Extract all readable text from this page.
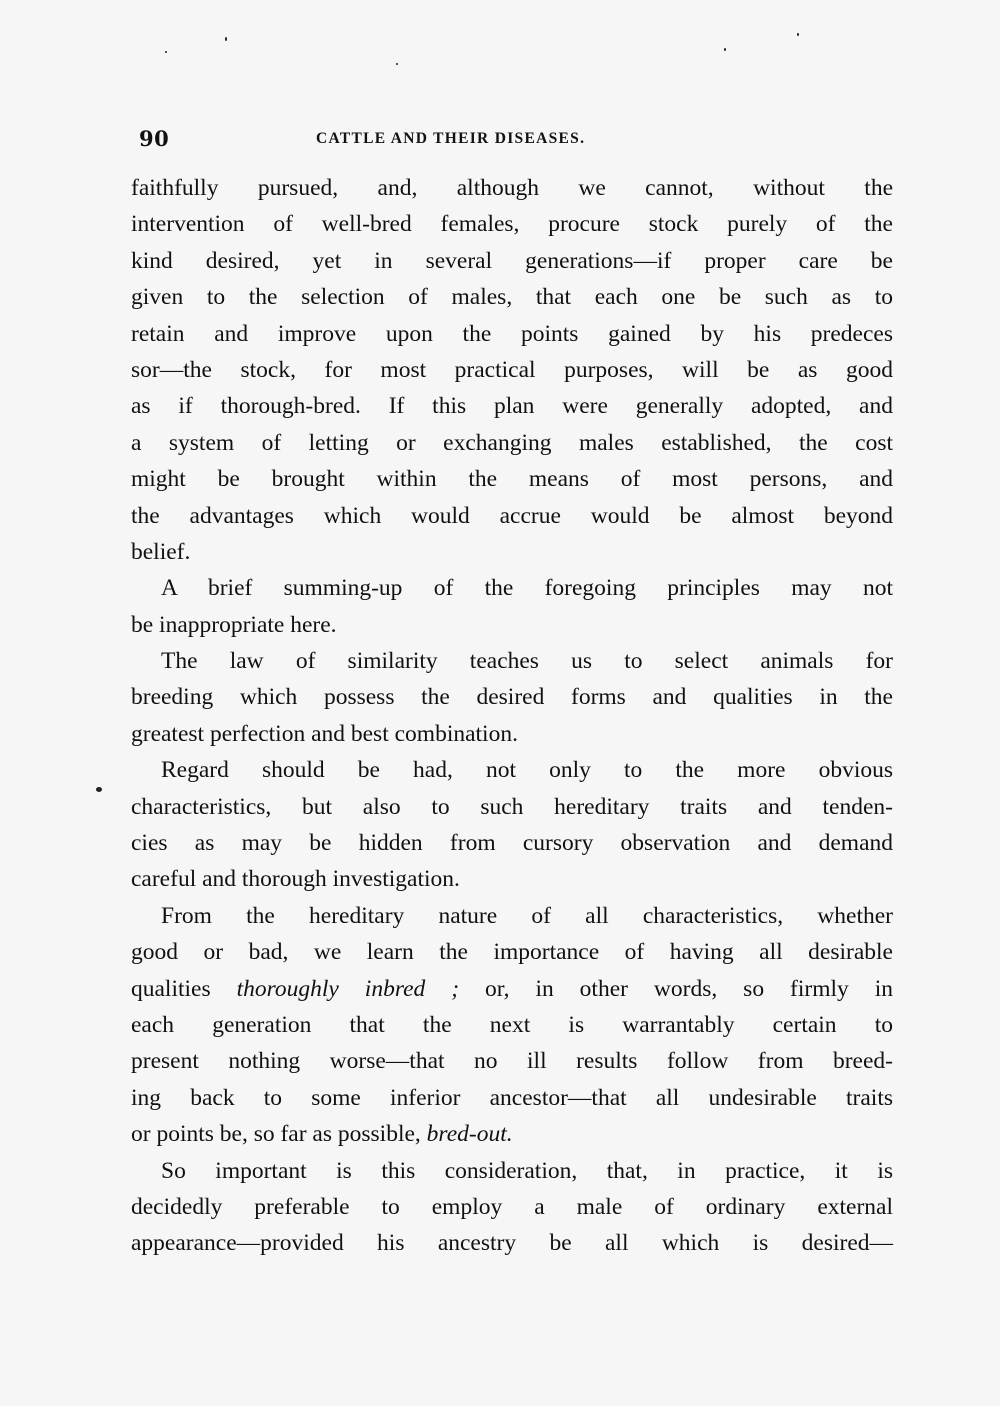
90	CATTLE AND THEIR DISEASES.
faithfully pursued, and, although we cannot, without the
intervention of well-bred females, procure stock purely of the
kind desired, yet in several generations—if proper care be
given to the selection of males, that each one be such as to
retain and improve upon the points gained by his predeces
sor—the stock, for most practical purposes, will be as good
as if thorough-bred. If this plan were generally adopted, and
a system of letting or exchanging males established, the cost
might be brought within the means of most persons, and
the advantages which would accrue would be almost beyond
belief.
A brief summing-up of the foregoing principles may not
be inappropriate here.
The law of similarity teaches us to select animals for
breeding which possess the desired forms and qualities in the
greatest perfection and best combination.
Regard should be had, not only to the more obvious
characteristics, but also to such hereditary traits and tenden-
cies as may be hidden from cursory observation and demand
careful and thorough investigation.
From the hereditary nature of all characteristics, whether
good or bad, we learn the importance of having all desirable
qualities thoroughly inbred ; or, in other words, so firmly in
each generation that the next is warrantably certain to
present nothing worse—that no ill results follow from breed-
ing back to some inferior ancestor—that all undesirable traits
or points be, so far as possible, bred-out.
So important is this consideration, that, in practice, it is
decidedly preferable to employ a male of ordinary external
appearance—provided his ancestry be all which is desired—
